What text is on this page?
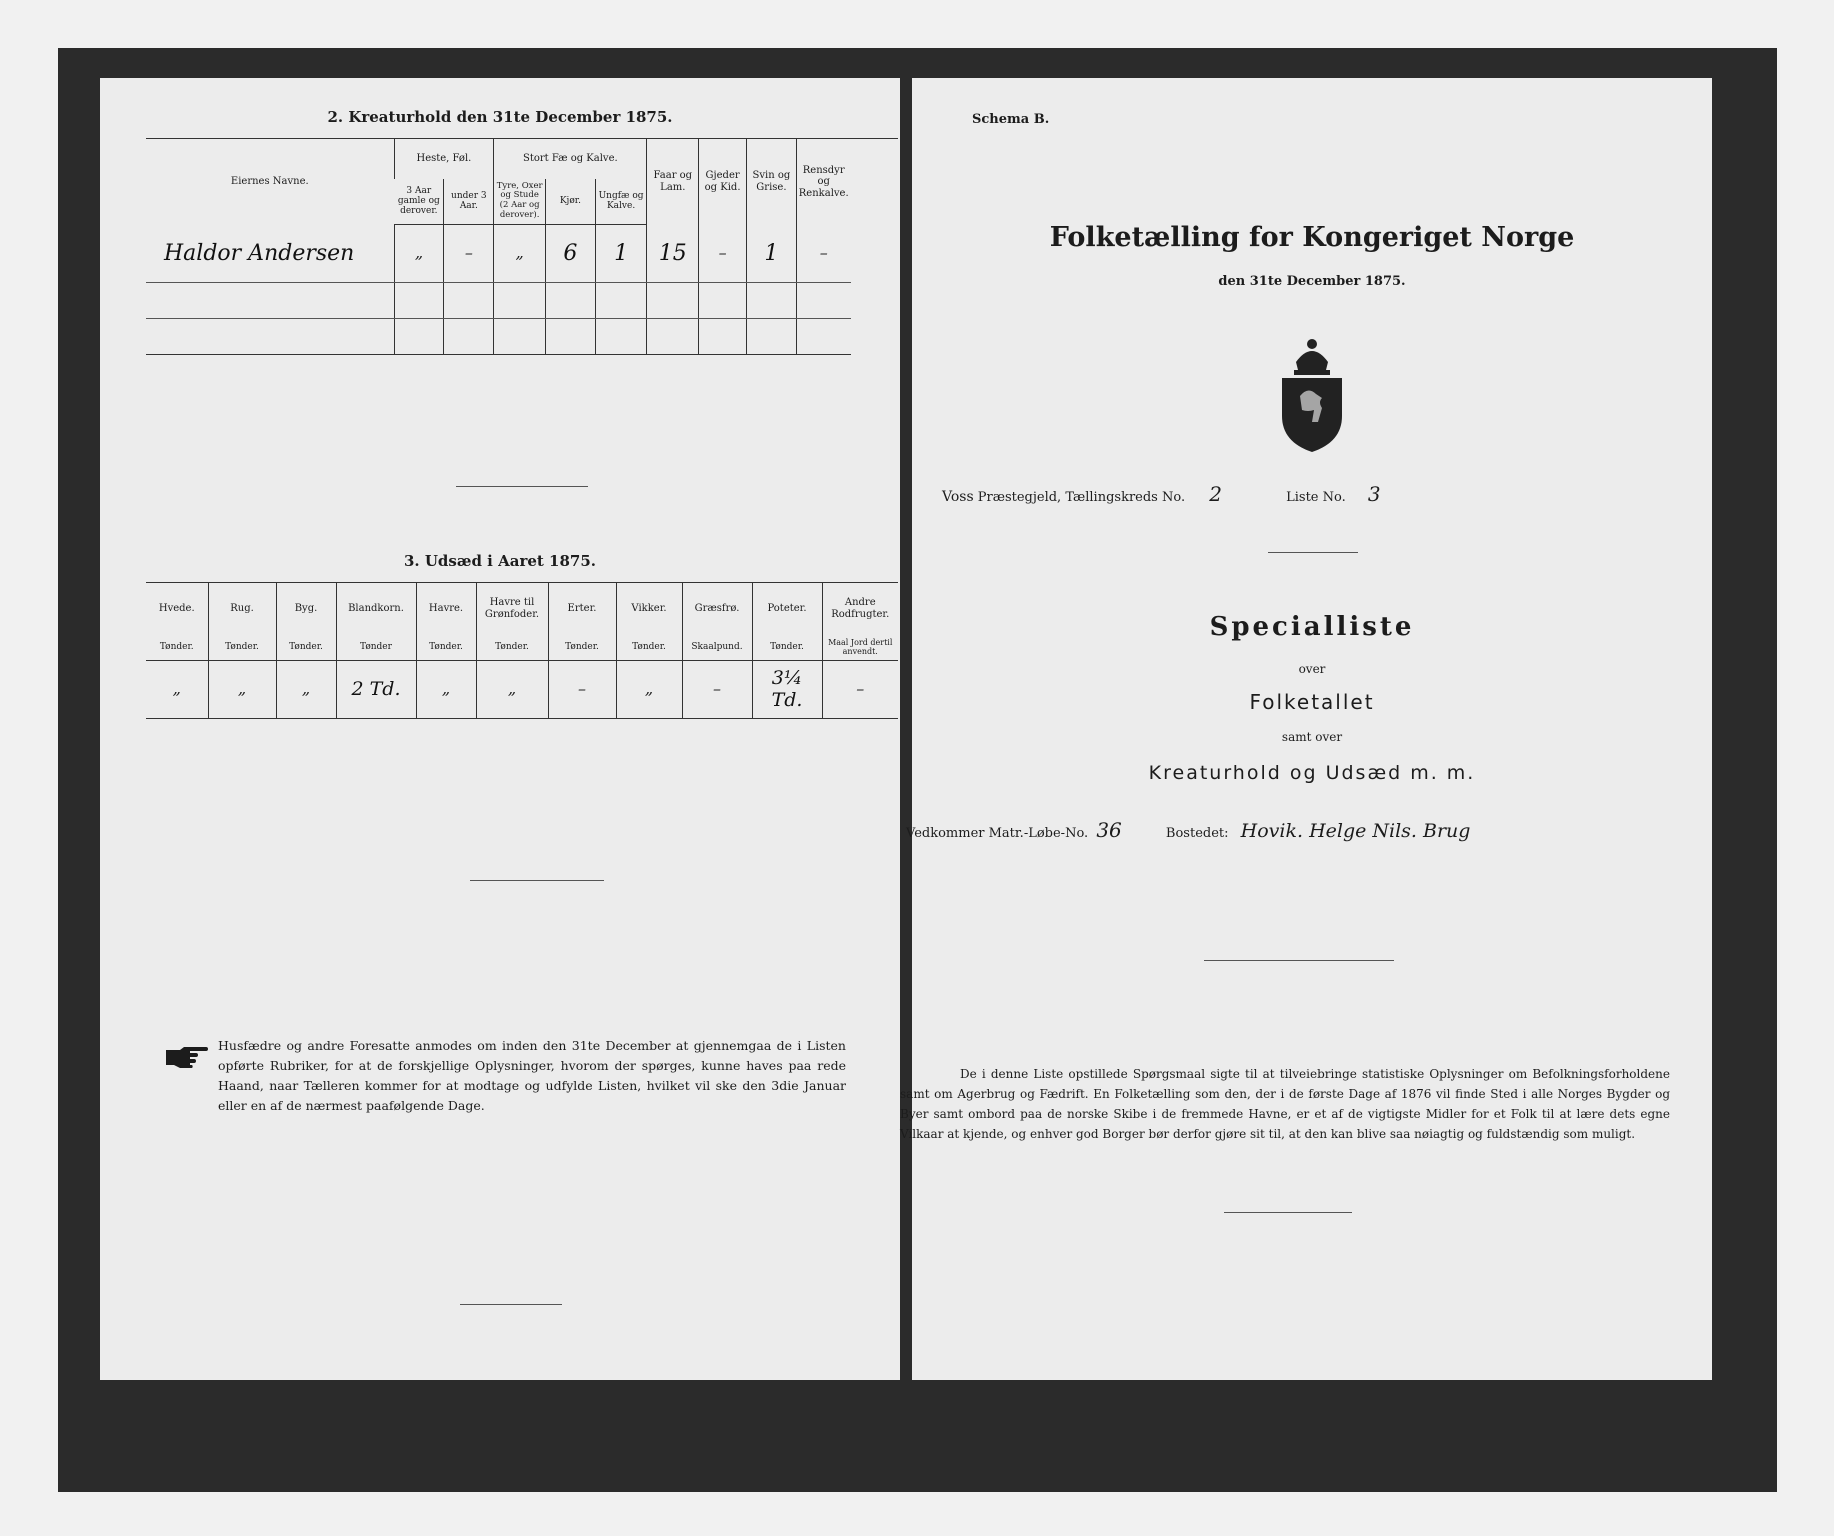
2. Kreaturhold den 31te December 1875.
Eiernes Navne.	Heste, Føl.		Stort Fæ og Kalve.			Faar og Lam.	Gjeder og Kid.	Svin og Grise.	Rensdyr og Renkalve.	
	3 Aar gamle og derover.	under 3 Aar.	Tyre, Oxer og Stude (2 Aar og derover).	Kjør.	Ungfæ og Kalve.					
Haldor Andersen	„	–	„	6	1	15	–	1	–	

3. Udsæd i Aaret 1875.
Hvede.	Rug.	Byg.	Blandkorn.	Havre.	Havre til Grønfoder.	Erter.	Vikker.	Græsfrø.	Poteter.	Andre Rodfrugter.
Tønder.	Tønder.	Tønder.	Tønder	Tønder.	Tønder.	Tønder.	Tønder.	Skaalpund.	Tønder.	Maal Jord dertil anvendt.
„	„	„	2 Td.	„	„	–	„	–	3¼ Td.	–
Husfædre og andre Foresatte anmodes om inden den 31te December at gjennemgaa de i Listen opførte Rubriker, for at de forskjellige Oplysninger, hvorom der spørges, kunne haves paa rede Haand, naar Tælleren kommer for at modtage og udfylde Listen, hvilket vil ske den 3die Januar eller en af de nærmest paafølgende Dage.
Schema B.
Folketælling for Kongeriget Norge
den 31te December 1875.
Voss Præstegjeld, Tællingskreds No. 2	Liste No. 3
Specialliste
over
Folketallet
samt over
Kreaturhold og Udsæd m. m.
Vedkommer Matr.-Løbe-No. 36	Bostedet: Hovik. Helge Nils. Brug
De i denne Liste opstillede Spørgsmaal sigte til at tilveiebringe statistiske Oplysninger om Befolkningsforholdene samt om Agerbrug og Fædrift. En Folketælling som den, der i de første Dage af 1876 vil finde Sted i alle Norges Bygder og Byer samt ombord paa de norske Skibe i de fremmede Havne, er et af de vigtigste Midler for et Folk til at lære dets egne Vilkaar at kjende, og enhver god Borger bør derfor gjøre sit til, at den kan blive saa nøiagtig og fuldstændig som muligt.
